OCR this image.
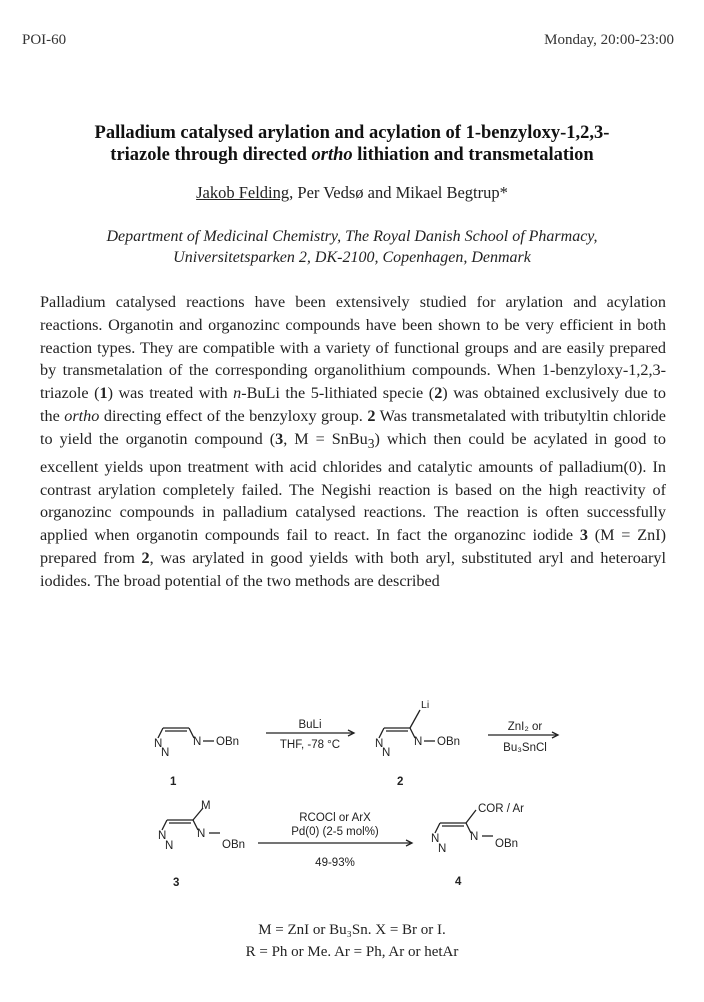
POI-60	Monday, 20:00-23:00
Palladium catalysed arylation and acylation of 1-benzyloxy-1,2,3-
triazole through directed ortho lithiation and transmetalation
Jakob Felding, Per Vedsø and Mikael Begtrup*
Department of Medicinal Chemistry, The Royal Danish School of Pharmacy,
Universitetsparken 2, DK-2100, Copenhagen, Denmark
Palladium catalysed reactions have been extensively studied for arylation and acylation reactions. Organotin and organozinc compounds have been shown to be very efficient in both reaction types. They are compatible with a variety of functional groups and are easily prepared by transmetalation of the corresponding organolithium compounds. When 1-benzyloxy-1,2,3-triazole (1) was treated with n-BuLi the 5-lithiated specie (2) was obtained exclusively due to the ortho directing effect of the benzyloxy group. 2 Was transmetalated with tributyltin chloride to yield the organotin compound (3, M = SnBu$_3$) which then could be acylated in good to excellent yields upon treatment with acid chlorides and catalytic amounts of palladium(0). In contrast arylation completely failed. The Negishi reaction is based on the high reactivity of organozinc compounds in palladium catalysed reactions. The reaction is often successfully applied when organotin compounds fail to react. In fact the organozinc iodide 3 (M = ZnI) prepared from 2, was arylated in good yields with both aryl, substituted aryl and heteroaryl iodides. The broad potential of the two methods are described
N
N
N OBn
1
BuLi
THF, -78 °C
Li
N
N
N OBn
2
ZnI₂ or
Bu₃SnCl
M
N
N
N
OBn
3
RCOCl or ArX
Pd(0) (2-5 mol%)
49-93%
COR / Ar
N
N
N
OBn
4
M = ZnI or Bu₃Sn. X = Br or I.
R = Ph or Me. Ar = Ph, Ar or hetAr
